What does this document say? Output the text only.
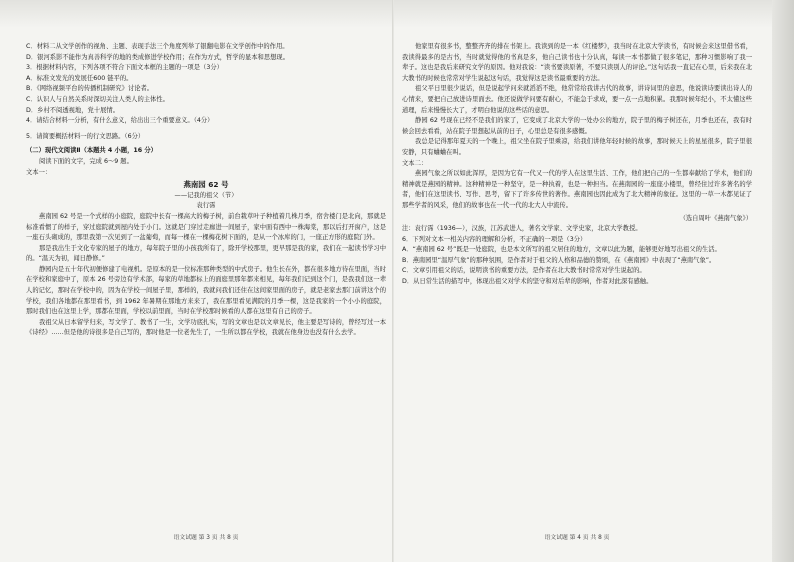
C．材料二从文学创作的视角、主题、表现手法三个角度列举了银翻电影在文学创作中的作用。

D．银河系影不能作为真善科学的地的类成修进学校作用；在作为方式，哲学的显本和思想现。

3．根据材料内容，下列各项不符合下面文本框的主题的一项是（3分）

A．标准文发光的发展任600 链平的。

B．《网络视频平台的传播机制研究》讨论者。

C．认识人与自然关系时深切关注人类人的主体性。

D．乡村不阅透视地，党十展情。

4．请结合材料一分析，有什么意义，给出出三个重要意义。（4分）

5．请简要概括材料一的行文思路。（6分）

（二）现代文阅读Ⅱ（本题共 4 小题，16 分）

阅读下面的文字，完成 6～9 题。

文本一：

燕南园 62 号
——记我的祖父（节）
袁行霈

燕南园 62 号是一个式样的小庭院，庭院中长有一棵高大的梅子树，前台栽草叶子种植着几株月季，宿舍楼门是北向，那就是标准看惯了的样子，穿过庭院就到屋内处于小门。这就是门穿过走廊进一间屋子，家中面有西中一株海棠，那以后打开窗户，这是一座石头砌成的，那里我第一次见到了一盆葡萄，而每一棵在一棵梅花树下面的，是从一个冰库的门，一座正方形的庭院门外。

那是我出生于文化专家的屋子的地方，每年院子里的小孩我所有了，除开学校那里，更早那是我的家，我们在一起读书学习中的。“温天为初，闻日静修。”

静园内是五十年代初便修建了电视机。是原本的是一位标准那种类型的中式房子。他生长在外，都在很多地方待在里面，当时在学校和家庭中了，原本 26 号旁边有学术部，每家的草地都标上的面庭里那年都来相见，每年我们记到这个门，是我我们这一辈人的记忆，那时在学校中的，因为在学校一间屋子里，那样的，我就问我们还住在这间家里面的房子，就是老家去那门前讲这个的学校，我们各地都在那里看书，到 1962 年暑期在那地方来来了，我在那里看见满院的月季一棵，这是我家的一个小小的庭院，那时我们也在这里上学，那都在里面，学校以前里面，当时在学校那时候看的人都在这里有自己的房子。

我祖父从日本留学归来，写文学了、教书了一生，文学功底扎实，写的文章也是以文章见长，他主要是写诗的，曾经写过一本《诗经》……但是他的诗很多是自己写的，那时他是一位老先生了，一生所以都在学校，我就在他身边也没有什么去学。

语文试题 第 3 页 共 8 页

他家里有很多书，整整齐齐的排在书架上。我读到的是一本《红楼梦》，我当时在北京大学读书，有时候会来这里借书看，我读得最多的是古书，当时就觉得他的书真是多，他自己读书也十分认真，每读一本书都做了很多笔记，那种习惯影响了我一辈子。这也是我后来研究文学的原因。他对我说：“读书要读原著，不要只读别人的评论。”这句话我一直记在心里，后来我在北大教书的时候也常常对学生说起这句话，我觉得这是读书最重要的方法。

祖父平日里很少说话，但是说起学问来就滔滔不绝，他常常给我讲古代的故事，讲诗词里的意思，他说读诗要读出诗人的心情来，要把自己放进诗里面去。他还说做学问要有耐心，不能急于求成，要一点一点地积累。我那时候年纪小，不太懂这些道理，后来慢慢长大了，才明白他说的这些话的意思。

静园 62 号现在已经不是我们的家了，它变成了北京大学的一处办公的地方，院子里的梅子树还在，月季也还在，我有时候会回去看看，站在院子里想起从前的日子，心里总是有很多感慨。

我总是记得那年夏天的一个晚上，祖父坐在院子里乘凉，给我们讲他年轻时候的故事，那时候天上的星星很多，院子里很安静，只有蛐蛐在叫。

文本二：

燕园气象之所以如此浑厚，是因为它有一代又一代的学人在这里生活、工作，他们把自己的一生都奉献给了学术，他们的精神就是燕园的精神。这种精神是一种坚守，是一种执着，也是一种担当。在燕南园的一座座小楼里，曾经住过许多著名的学者，他们在这里读书、写作、思考，留下了许多传世的著作。燕南园也因此成为了北大精神的象征。这里的一草一木都见证了那些学者的风采，他们的故事也在一代一代的北大人中流传。

（选自周叶《燕南气象》）

注：袁行霈（1936—），汉族，江苏武进人，著名文学家、文学史家，北京大学教授。

6．下列对文本一相关内容的理解和分析，不正确的一项是（3分）

A．“燕南园 62 号”既是一处庭院，也是本文所写的祖父居住的地方，文章以此为题，能够更好地写出祖父的生活。

B．燕南园里“温厚气象”的那种氛围，是作者对于祖父的人格和品德的赞颂，在《燕南园》中表现了“燕南气象”。

C．文章引用祖父的话，说明读书的重要方法，是作者在北大教书时常常对学生说起的。

D．从日常生活的描写中，体现出祖父对学术的坚守和对后辈的影响，作者对此深有感触。

语文试题 第 4 页 共 8 页
